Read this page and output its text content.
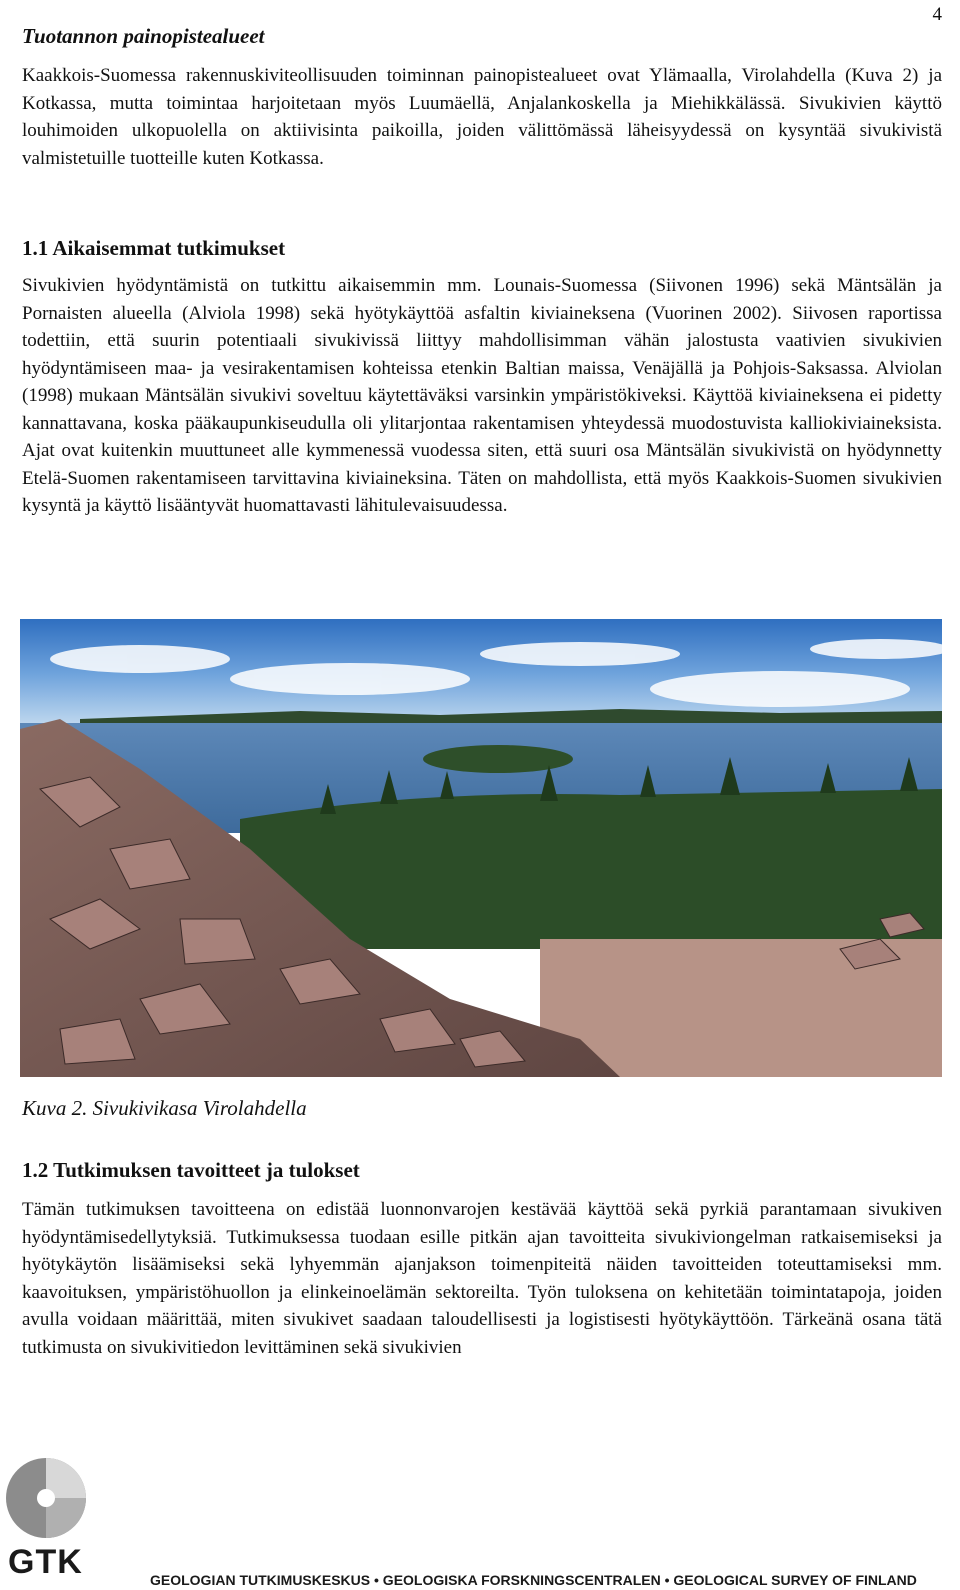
4
Tuotannon painopistealueet

Kaakkois-Suomessa rakennuskiviteollisuuden toiminnan painopistealueet ovat Ylämaalla, Virolahdella (Kuva 2) ja Kotkassa, mutta toimintaa harjoitetaan myös Luumäellä, Anjalankoskella ja Miehikkälässä. Sivukivien käyttö louhimoiden ulkopuolella on aktiivisinta paikoilla, joiden välittömässä läheisyydessä on kysyntää sivukivistä valmistetuille tuotteille kuten Kotkassa.

1.1 Aikaisemmat tutkimukset

Sivukivien hyödyntämistä on tutkittu aikaisemmin mm. Lounais-Suomessa (Siivonen 1996) sekä Mäntsälän ja Pornaisten alueella (Alviola 1998) sekä hyötykäyttöä asfaltin kiviaineksena (Vuorinen 2002). Siivosen raportissa todettiin, että suurin potentiaali sivukivissä liittyy mahdollisimman vähän jalostusta vaativien sivukivien hyödyntämiseen maa- ja vesirakentamisen kohteissa etenkin Baltian maissa, Venäjällä ja Pohjois-Saksassa. Alviolan (1998) mukaan Mäntsälän sivukivi soveltuu käytettäväksi varsinkin ympäristökiveksi. Käyttöä kiviaineksena ei pidetty kannattavana, koska pääkaupunkiseudulla oli ylitarjontaa rakentamisen yhteydessä muodostuvista kalliokiviaineksista. Ajat ovat kuitenkin muuttuneet alle kymmenessä vuodessa siten, että suuri osa Mäntsälän sivukivistä on hyödynnetty Etelä-Suomen rakentamiseen tarvittavina kiviaineksina. Täten on mahdollista, että myös Kaakkois-Suomen sivukivien kysyntä ja käyttö lisääntyvät huomattavasti lähitulevaisuudessa.

Kuva 2. Sivukivikasa Virolahdella
1.2 Tutkimuksen tavoitteet ja tulokset

Tämän tutkimuksen tavoitteena on edistää luonnonvarojen kestävää käyttöä sekä pyrkiä parantamaan sivukiven hyödyntämisedellytyksiä. Tutkimuksessa tuodaan esille pitkän ajan tavoitteita sivukiviongelman ratkaisemiseksi ja hyötykäytön lisäämiseksi sekä lyhyemmän ajanjakson toimenpiteitä näiden tavoitteiden toteuttamiseksi mm. kaavoituksen, ympäristöhuollon ja elinkeinoelämän sektoreilta. Työn tuloksena on kehitetään toimintatapoja, joiden avulla voidaan määrittää, miten sivukivet saadaan taloudellisesti ja logistisesti hyötykäyttöön. Tärkeänä osana tätä tutkimusta on sivukivitiedon levittäminen sekä sivukivien

GTK	GEOLOGIAN TUTKIMUSKESKUS • GEOLOGISKA FORSKNINGSCENTRALEN • GEOLOGICAL SURVEY OF FINLAND
